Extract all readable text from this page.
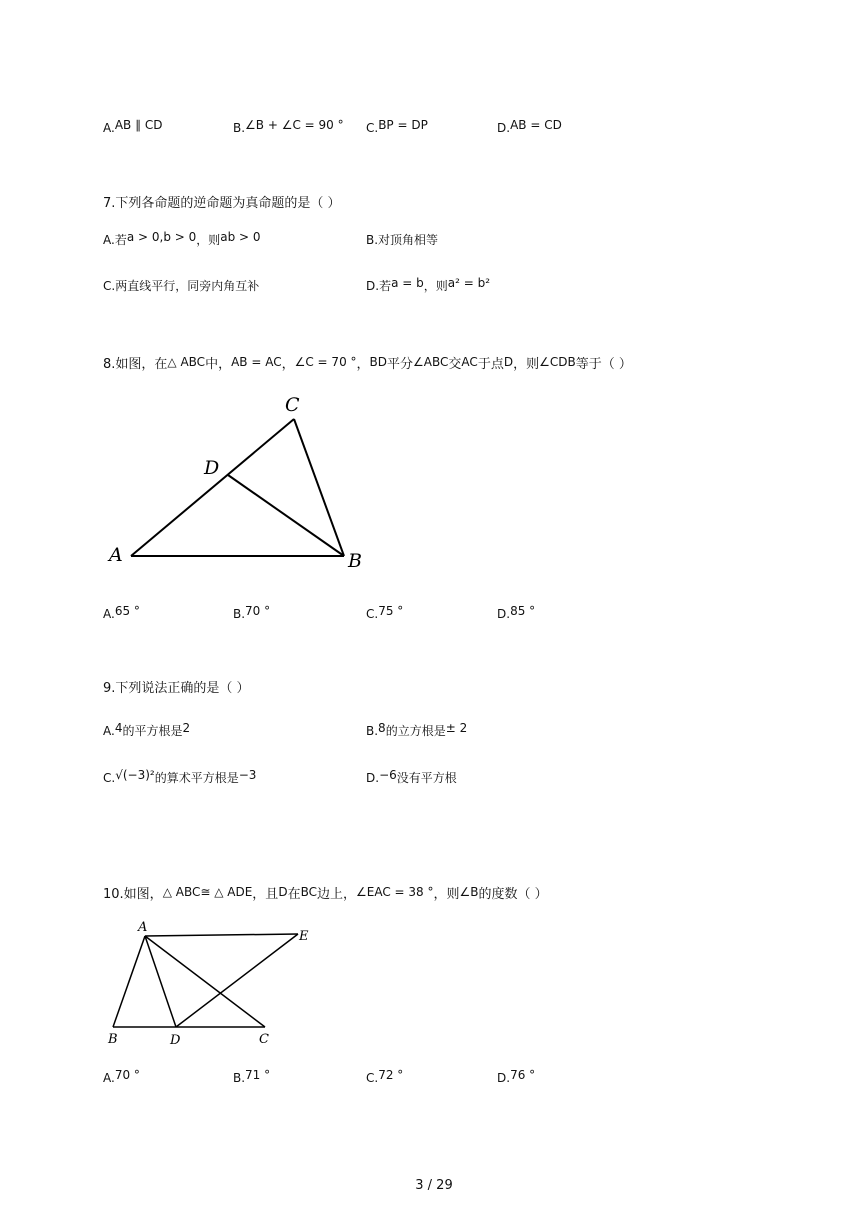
A.AB ∥ CD	B.∠B + ∠C = 90 ° C.BP = DP	D.AB = CD
7.下列各命题的逆命题为真命题的是（ ）
A.若a > 0,b > 0，则ab > 0	B.对顶角相等
C.两直线平行，同旁内角互补	D.若a = b，则a² = b²
8.如图，在△ ABC中，AB = AC，∠C = 70 °，BD平分∠ABC交AC于点D，则∠CDB等于（ ）
A	B
C
D
A.65 °	B.70 °	C.75 °	D.85 °
9.下列说法正确的是（ ）
A.4的平方根是2	B.8的立方根是± 2
C.√(−3)²的算术平方根是−3	D.−6没有平方根
10.如图，△ ABC≅ △ ADE，且D在BC边上，∠EAC = 38 °，则∠B的度数（ ）
A
B	C
D
E
A.70 °	B.71 °	C.72 °	D.76 °
3 / 29
